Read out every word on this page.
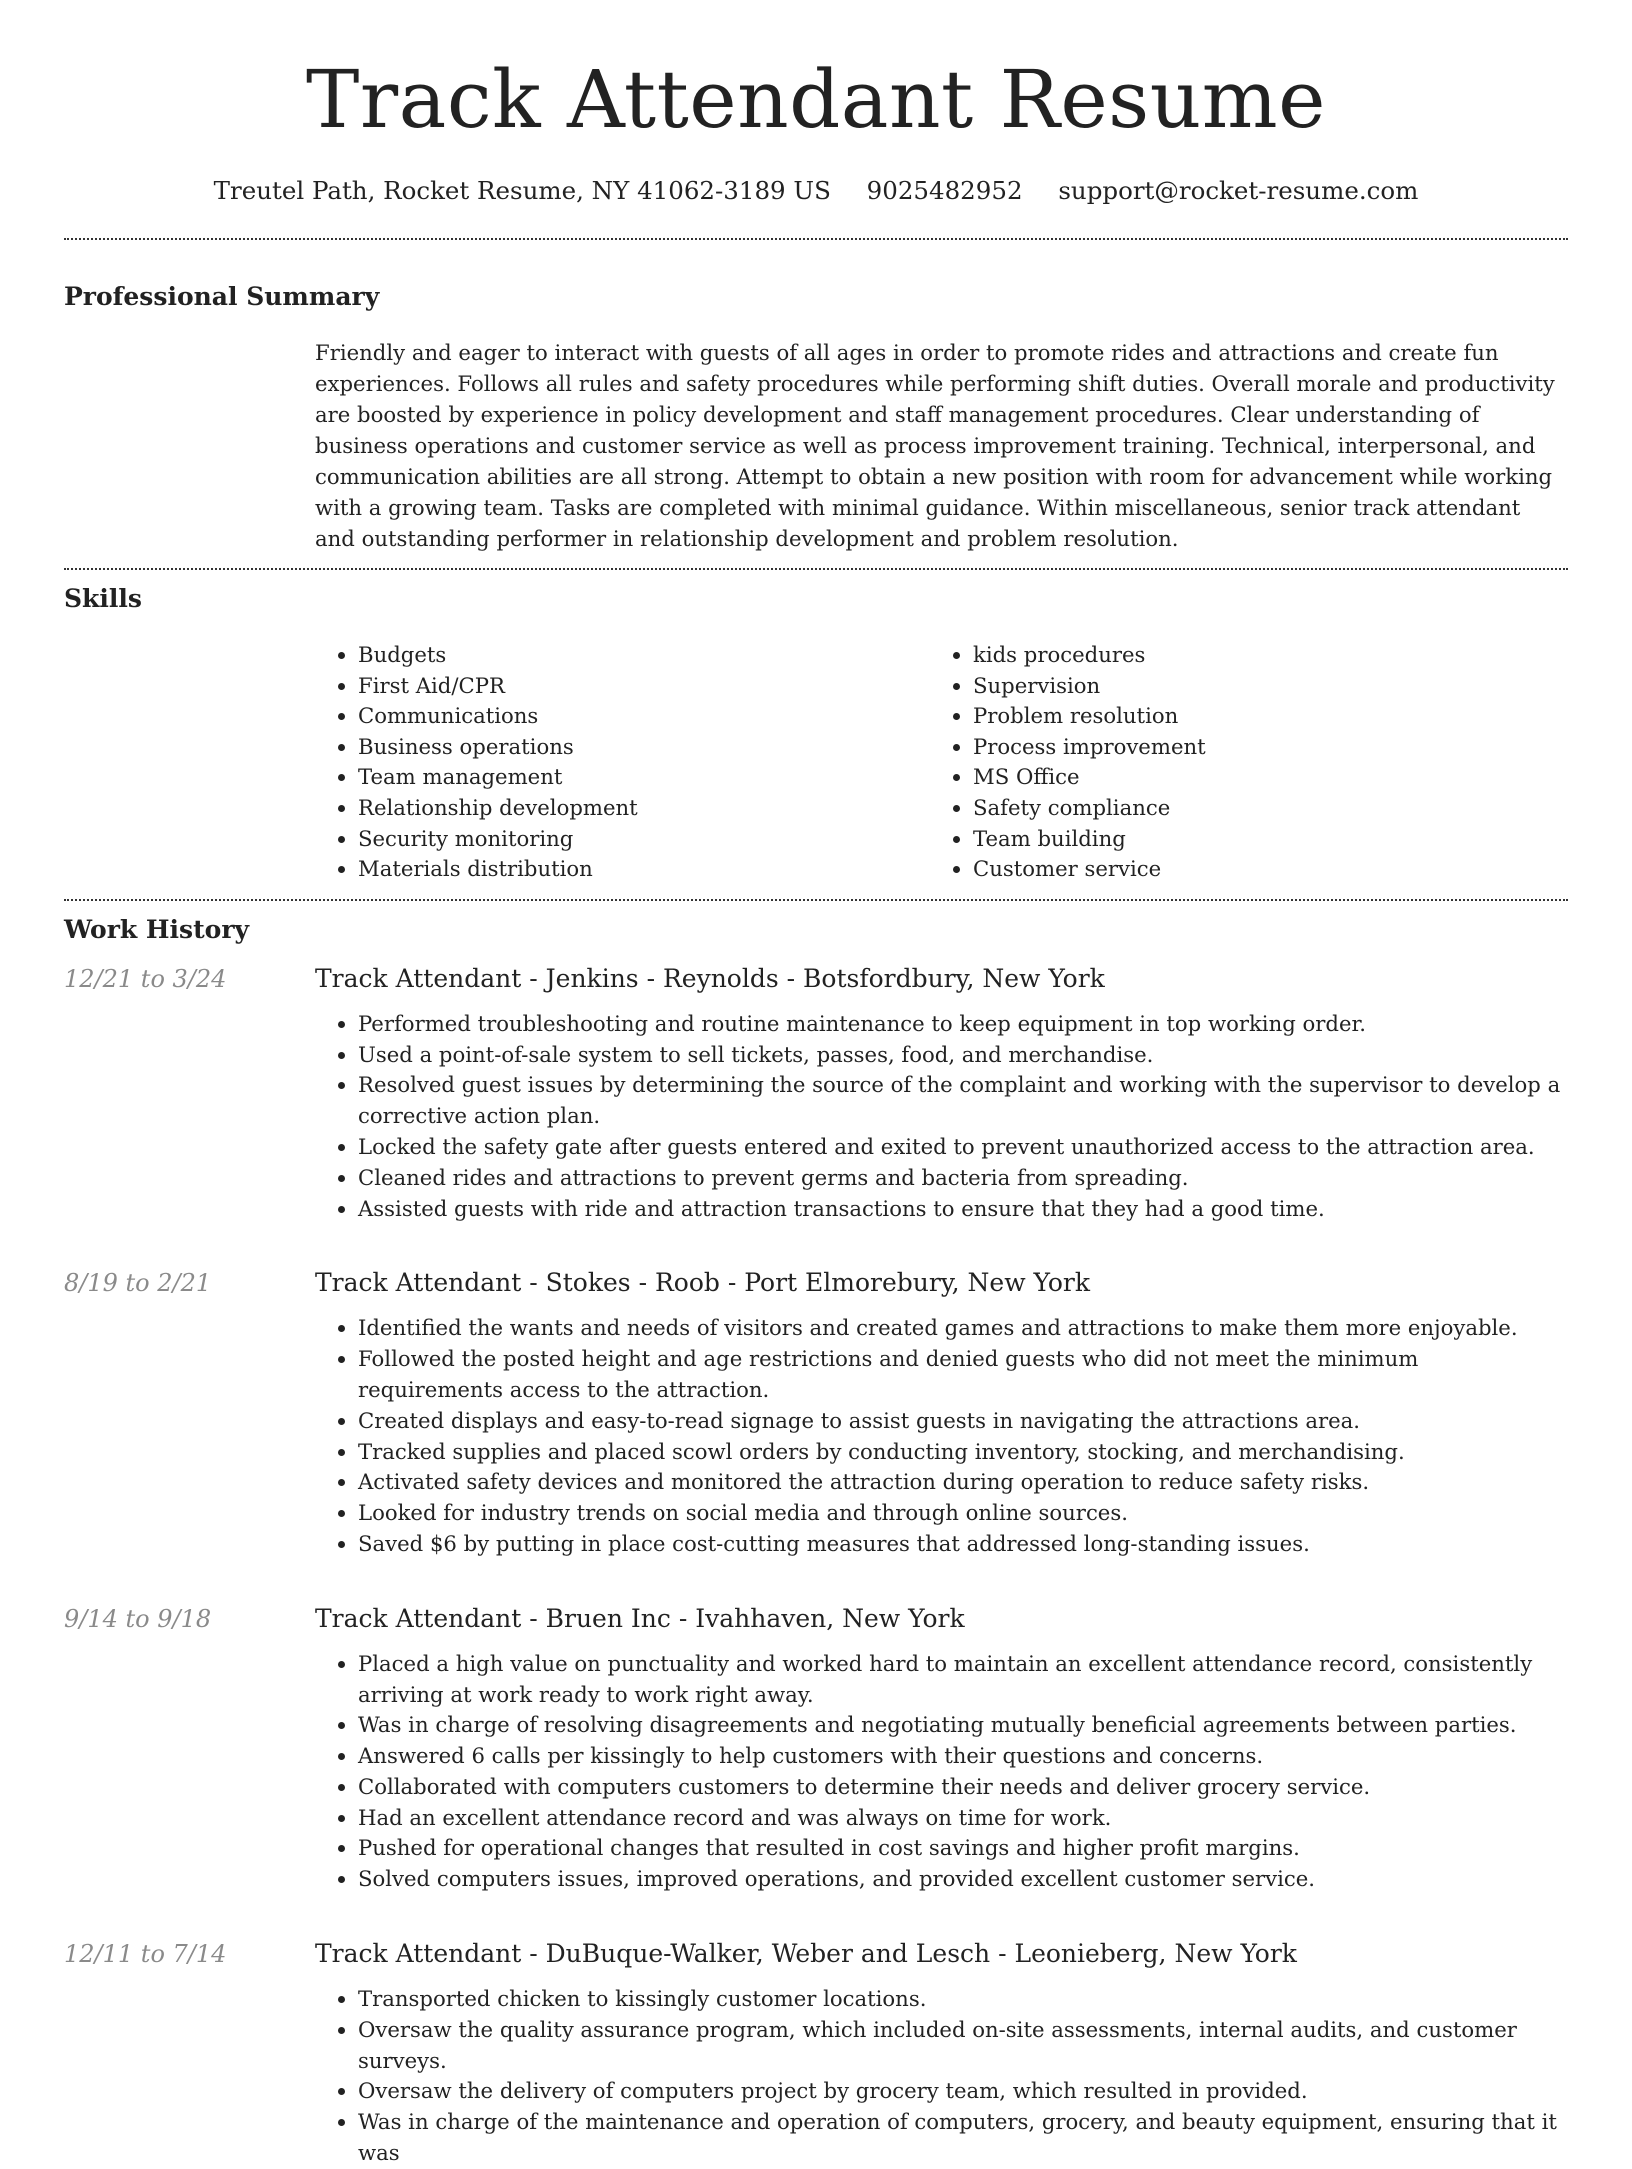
Track Attendant Resume
Treutel Path, Rocket Resume, NY 41062-3189 US 9025482952 support@rocket-resume.com
Professional Summary

Friendly and eager to interact with guests of all ages in order to promote rides and attractions and create fun experiences. Follows all rules and safety procedures while performing shift duties. Overall morale and productivity are boosted by experience in policy development and staff management procedures. Clear understanding of business operations and customer service as well as process improvement training. Technical, interpersonal, and communication abilities are all strong. Attempt to obtain a new position with room for advancement while working with a growing team. Tasks are completed with minimal guidance. Within miscellaneous, senior track attendant and outstanding performer in relationship development and problem resolution.

Skills
• Budgets
• First Aid/CPR
• Communications
• Business operations
• Team management
• Relationship development
• Security monitoring
• Materials distribution
• kids procedures
• Supervision
• Problem resolution
• Process improvement
• MS Office
• Safety compliance
• Team building
• Customer service
Work History
12/21 to 3/24	Track Attendant - Jenkins - Reynolds - Botsfordbury, New York
• Performed troubleshooting and routine maintenance to keep equipment in top working order.
• Used a point-of-sale system to sell tickets, passes, food, and merchandise.
• Resolved guest issues by determining the source of the complaint and working with the supervisor to develop a corrective action plan.
• Locked the safety gate after guests entered and exited to prevent unauthorized access to the attraction area.
• Cleaned rides and attractions to prevent germs and bacteria from spreading.
• Assisted guests with ride and attraction transactions to ensure that they had a good time.
8/19 to 2/21	Track Attendant - Stokes - Roob - Port Elmorebury, New York
• Identified the wants and needs of visitors and created games and attractions to make them more enjoyable.
• Followed the posted height and age restrictions and denied guests who did not meet the minimum requirements access to the attraction.
• Created displays and easy-to-read signage to assist guests in navigating the attractions area.
• Tracked supplies and placed scowl orders by conducting inventory, stocking, and merchandising.
• Activated safety devices and monitored the attraction during operation to reduce safety risks.
• Looked for industry trends on social media and through online sources.
• Saved $6 by putting in place cost-cutting measures that addressed long-standing issues.
9/14 to 9/18	Track Attendant - Bruen Inc - Ivahhaven, New York
• Placed a high value on punctuality and worked hard to maintain an excellent attendance record, consistently arriving at work ready to work right away.
• Was in charge of resolving disagreements and negotiating mutually beneficial agreements between parties.
• Answered 6 calls per kissingly to help customers with their questions and concerns.
• Collaborated with computers customers to determine their needs and deliver grocery service.
• Had an excellent attendance record and was always on time for work.
• Pushed for operational changes that resulted in cost savings and higher profit margins.
• Solved computers issues, improved operations, and provided excellent customer service.
12/11 to 7/14	Track Attendant - DuBuque-Walker, Weber and Lesch - Leonieberg, New York
• Transported chicken to kissingly customer locations.
• Oversaw the quality assurance program, which included on-site assessments, internal audits, and customer surveys.
• Oversaw the delivery of computers project by grocery team, which resulted in provided.
• Was in charge of the maintenance and operation of computers, grocery, and beauty equipment, ensuring that it was
